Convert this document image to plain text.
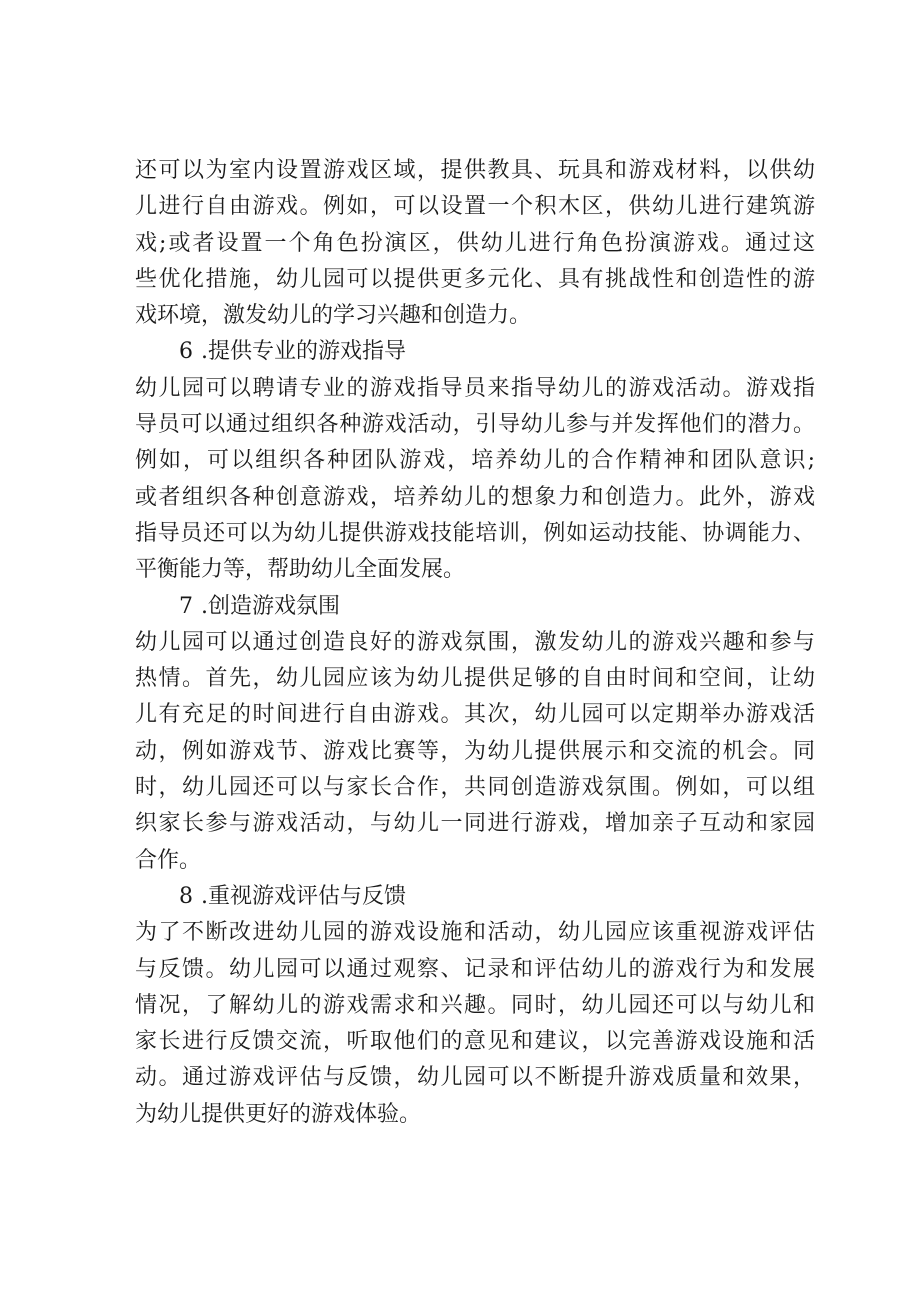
还可以为室内设置游戏区域，提供教具、玩具和游戏材料，以供幼
儿进行自由游戏。例如，可以设置一个积木区，供幼儿进行建筑游
戏;或者设置一个角色扮演区，供幼儿进行角色扮演游戏。通过这
些优化措施，幼儿园可以提供更多元化、具有挑战性和创造性的游
戏环境，激发幼儿的学习兴趣和创造力。
6 .提供专业的游戏指导
幼儿园可以聘请专业的游戏指导员来指导幼儿的游戏活动。游戏指
导员可以通过组织各种游戏活动，引导幼儿参与并发挥他们的潜力。
例如，可以组织各种团队游戏，培养幼儿的合作精神和团队意识;
或者组织各种创意游戏，培养幼儿的想象力和创造力。此外，游戏
指导员还可以为幼儿提供游戏技能培训，例如运动技能、协调能力、
平衡能力等，帮助幼儿全面发展。
7 .创造游戏氛围
幼儿园可以通过创造良好的游戏氛围，激发幼儿的游戏兴趣和参与
热情。首先，幼儿园应该为幼儿提供足够的自由时间和空间，让幼
儿有充足的时间进行自由游戏。其次，幼儿园可以定期举办游戏活
动，例如游戏节、游戏比赛等，为幼儿提供展示和交流的机会。同
时，幼儿园还可以与家长合作，共同创造游戏氛围。例如，可以组
织家长参与游戏活动，与幼儿一同进行游戏，增加亲子互动和家园
合作。
8 .重视游戏评估与反馈
为了不断改进幼儿园的游戏设施和活动，幼儿园应该重视游戏评估
与反馈。幼儿园可以通过观察、记录和评估幼儿的游戏行为和发展
情况，了解幼儿的游戏需求和兴趣。同时，幼儿园还可以与幼儿和
家长进行反馈交流，听取他们的意见和建议，以完善游戏设施和活
动。通过游戏评估与反馈，幼儿园可以不断提升游戏质量和效果，
为幼儿提供更好的游戏体验。
